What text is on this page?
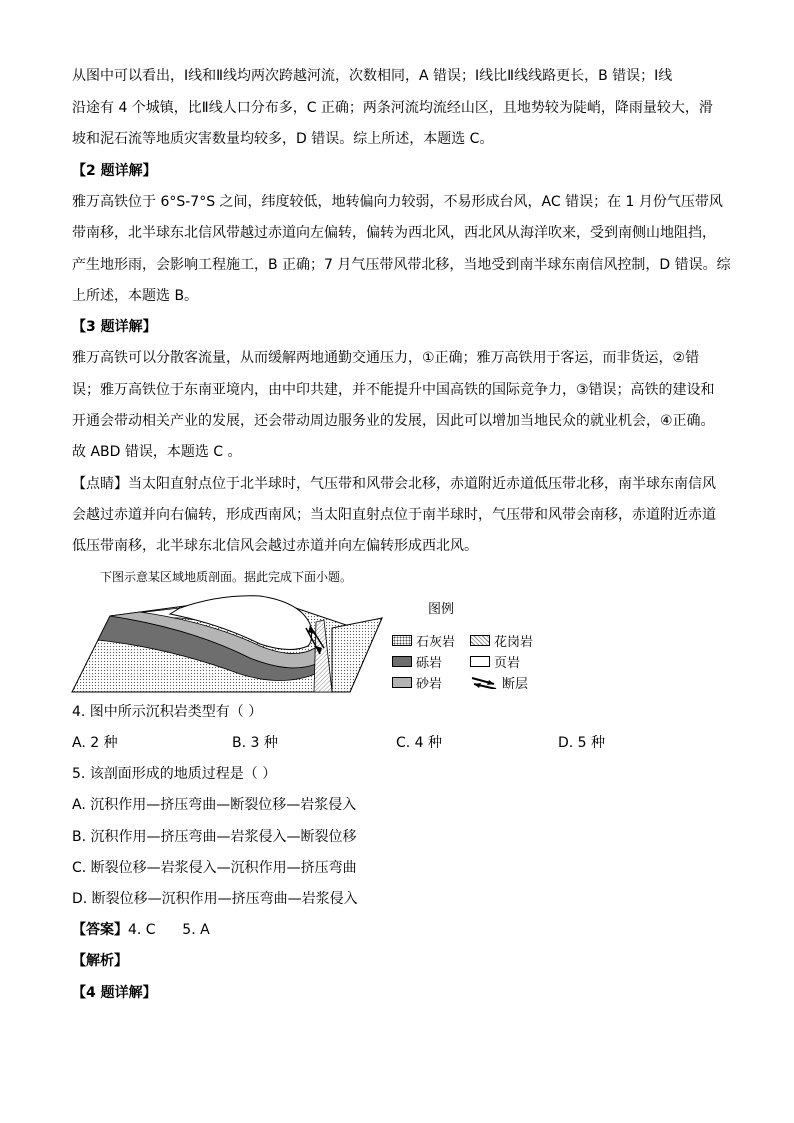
从图中可以看出，Ⅰ线和Ⅱ线均两次跨越河流，次数相同，A 错误；Ⅰ线比Ⅱ线线路更长，B 错误；Ⅰ线
沿途有 4 个城镇，比Ⅱ线人口分布多，C 正确；两条河流均流经山区，且地势较为陡峭，降雨量较大，滑
坡和泥石流等地质灾害数量均较多，D 错误。综上所述，本题选 C。
【2 题详解】
雅万高铁位于 6°S-7°S 之间，纬度较低，地转偏向力较弱，不易形成台风，AC 错误；在 1 月份气压带风
带南移，北半球东北信风带越过赤道向左偏转，偏转为西北风，西北风从海洋吹来，受到南侧山地阻挡，
产生地形雨，会影响工程施工，B 正确；7 月气压带风带北移，当地受到南半球东南信风控制，D 错误。综
上所述，本题选 B。
【3 题详解】
雅万高铁可以分散客流量，从而缓解两地通勤交通压力，①正确；雅万高铁用于客运，而非货运，②错
误；雅万高铁位于东南亚境内，由中印共建，并不能提升中国高铁的国际竞争力，③错误；高铁的建设和
开通会带动相关产业的发展，还会带动周边服务业的发展，因此可以增加当地民众的就业机会，④正确。
故 ABD 错误，本题选 C 。
【点睛】当太阳直射点位于北半球时，气压带和风带会北移，赤道附近赤道低压带北移，南半球东南信风
会越过赤道并向右偏转，形成西南风；当太阳直射点位于南半球时，气压带和风带会南移，赤道附近赤道
低压带南移，北半球东北信风会越过赤道并向左偏转形成西北风。
下图示意某区域地质剖面。据此完成下面小题。
图例
石灰岩	花岗岩
砾岩	页岩
砂岩	断层
4. 图中所示沉积岩类型有（ ）
A. 2 种	B. 3 种	C. 4 种	D. 5 种
5. 该剖面形成的地质过程是（ ）
A. 沉积作用—挤压弯曲—断裂位移—岩浆侵入
B. 沉积作用—挤压弯曲—岩浆侵入—断裂位移
C. 断裂位移—岩浆侵入—沉积作用—挤压弯曲
D. 断裂位移—沉积作用—挤压弯曲—岩浆侵入
【答案】4. C      5. A
【解析】
【4 题详解】
